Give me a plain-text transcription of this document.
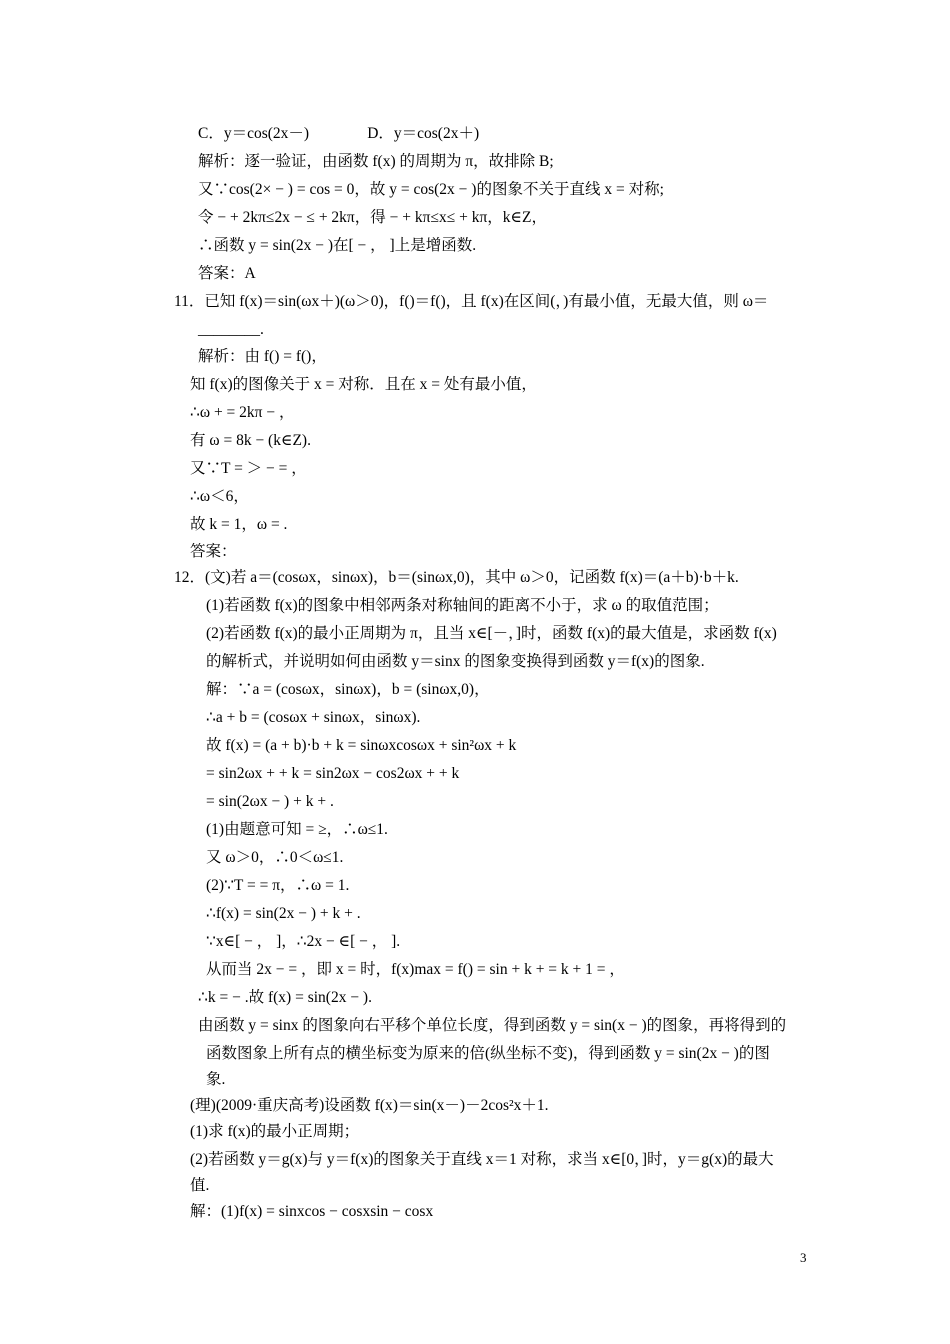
C．y＝cos(2x－)               D．y＝cos(2x＋)
解析：逐一验证，由函数 f(x) 的周期为 π，故排除 B;
又∵cos(2× − ) = cos = 0，故 y = cos(2x − )的图象不关于直线 x = 对称;
令 − + 2kπ≤2x − ≤ + 2kπ，得 − + kπ≤x≤ + kπ，k∈Z，
∴函数 y = sin(2x − )在[ − ， ]上是增函数.
答案：A
11．已知 f(x)＝sin(ωx＋)(ω＞0)，f()＝f()，且 f(x)在区间(，)有最小值，无最大值，则 ω＝
________.
解析：由 f() = f()，
知 f(x)的图像关于 x = 对称．且在 x = 处有最小值，
∴ω + = 2kπ − ，
有 ω = 8k − (k∈Z).
又∵T = ＞ − = ，
∴ω＜6，
故 k = 1，ω = .
答案：
12．(文)若 a＝(cosωx，sinωx)，b＝(sinωx,0)，其中 ω＞0，记函数 f(x)＝(a＋b)·b＋k.
(1)若函数 f(x)的图象中相邻两条对称轴间的距离不小于，求 ω 的取值范围；
(2)若函数 f(x)的最小正周期为 π，且当 x∈[－，]时，函数 f(x)的最大值是，求函数 f(x)
的解析式，并说明如何由函数 y＝sinx 的图象变换得到函数 y＝f(x)的图象.
解：∵a = (cosωx，sinωx)，b = (sinωx,0)，
∴a + b = (cosωx + sinωx，sinωx).
故 f(x) = (a + b)·b + k = sinωxcosωx + sin²ωx + k
= sin2ωx + + k = sin2ωx − cos2ωx + + k
= sin(2ωx − ) + k + .
(1)由题意可知 = ≥，∴ω≤1.
又 ω＞0，∴0＜ω≤1.
(2)∵T = = π，∴ω = 1.
∴f(x) = sin(2x − ) + k + .
∵x∈[ − ， ]，∴2x − ∈[ − ， ].
从而当 2x − = ，即 x = 时，f(x)max = f() = sin + k + = k + 1 = ，
∴k = − .故 f(x) = sin(2x − ).
由函数 y = sinx 的图象向右平移个单位长度，得到函数 y = sin(x − )的图象，再将得到的
函数图象上所有点的横坐标变为原来的倍(纵坐标不变)，得到函数 y = sin(2x − )的图
象.
(理)(2009·重庆高考)设函数 f(x)＝sin(x－)－2cos²x＋1.
(1)求 f(x)的最小正周期；
(2)若函数 y＝g(x)与 y＝f(x)的图象关于直线 x＝1 对称，求当 x∈[0，]时，y＝g(x)的最大
值.
解：(1)f(x) = sinxcos − cosxsin − cosx
3
